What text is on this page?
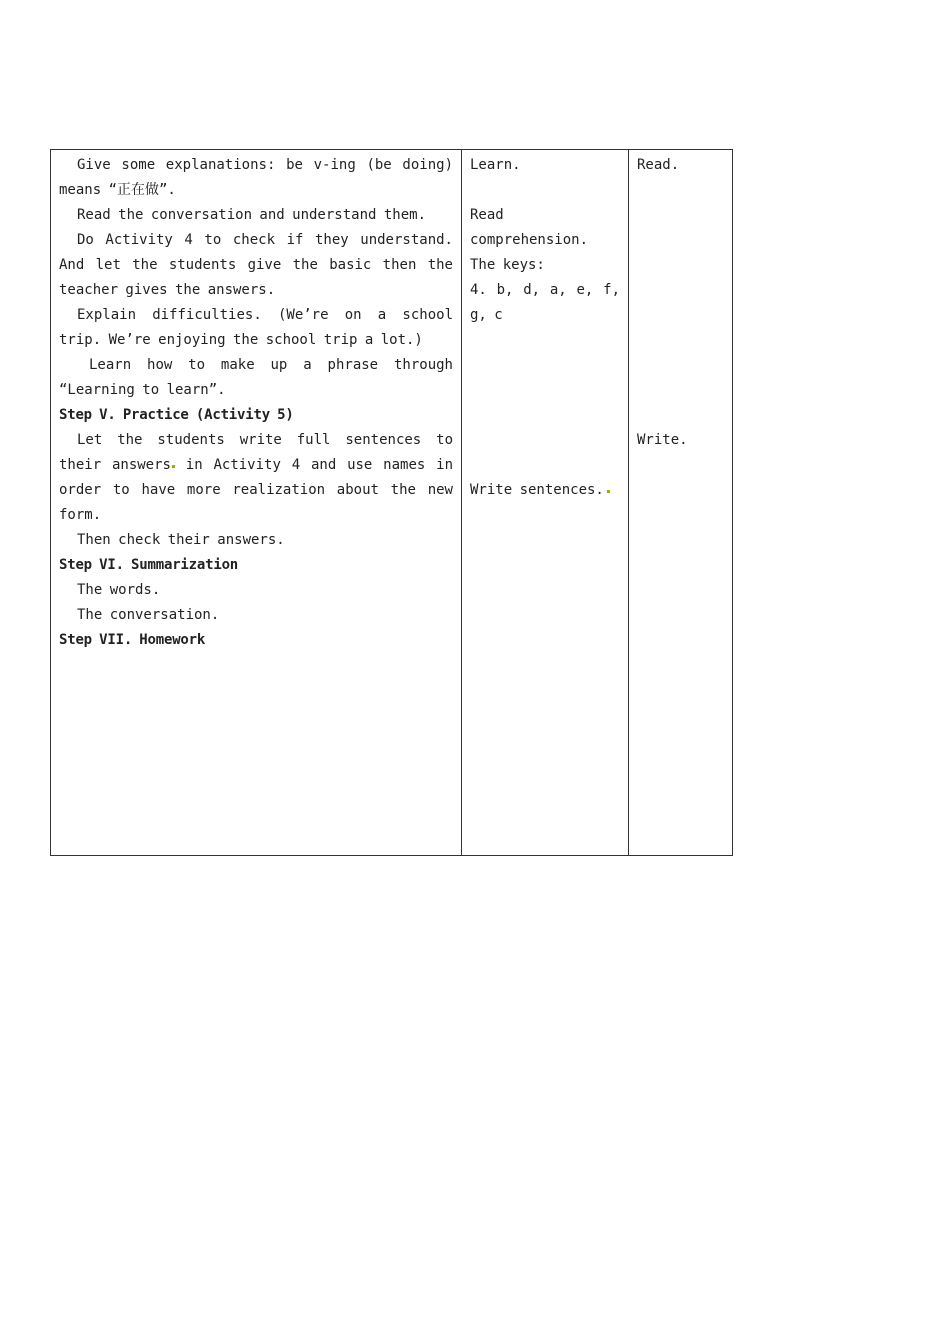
Give some explanations: be v-ing (be doing)
means “正在做”.
Read the conversation and understand them.
Do Activity 4 to check if they understand.
And let the students give the basic then the
teacher gives the answers.
Explain difficulties. (We’re on a school
trip. We’re enjoying the school trip a lot.)
Learn how to make up a phrase through
“Learning to learn”.
Step V. Practice (Activity 5)
Let the students write full sentences to
their answers in Activity 4 and use names in
order to have more realization about the new
form.
Then check their answers.
Step VI. Summarization
The words.
The conversation.
Step VII. Homework
Learn.
Read
comprehension.
The keys:
4. b, d, a, e, f,
g, c
Write sentences.
Read.
Write.
